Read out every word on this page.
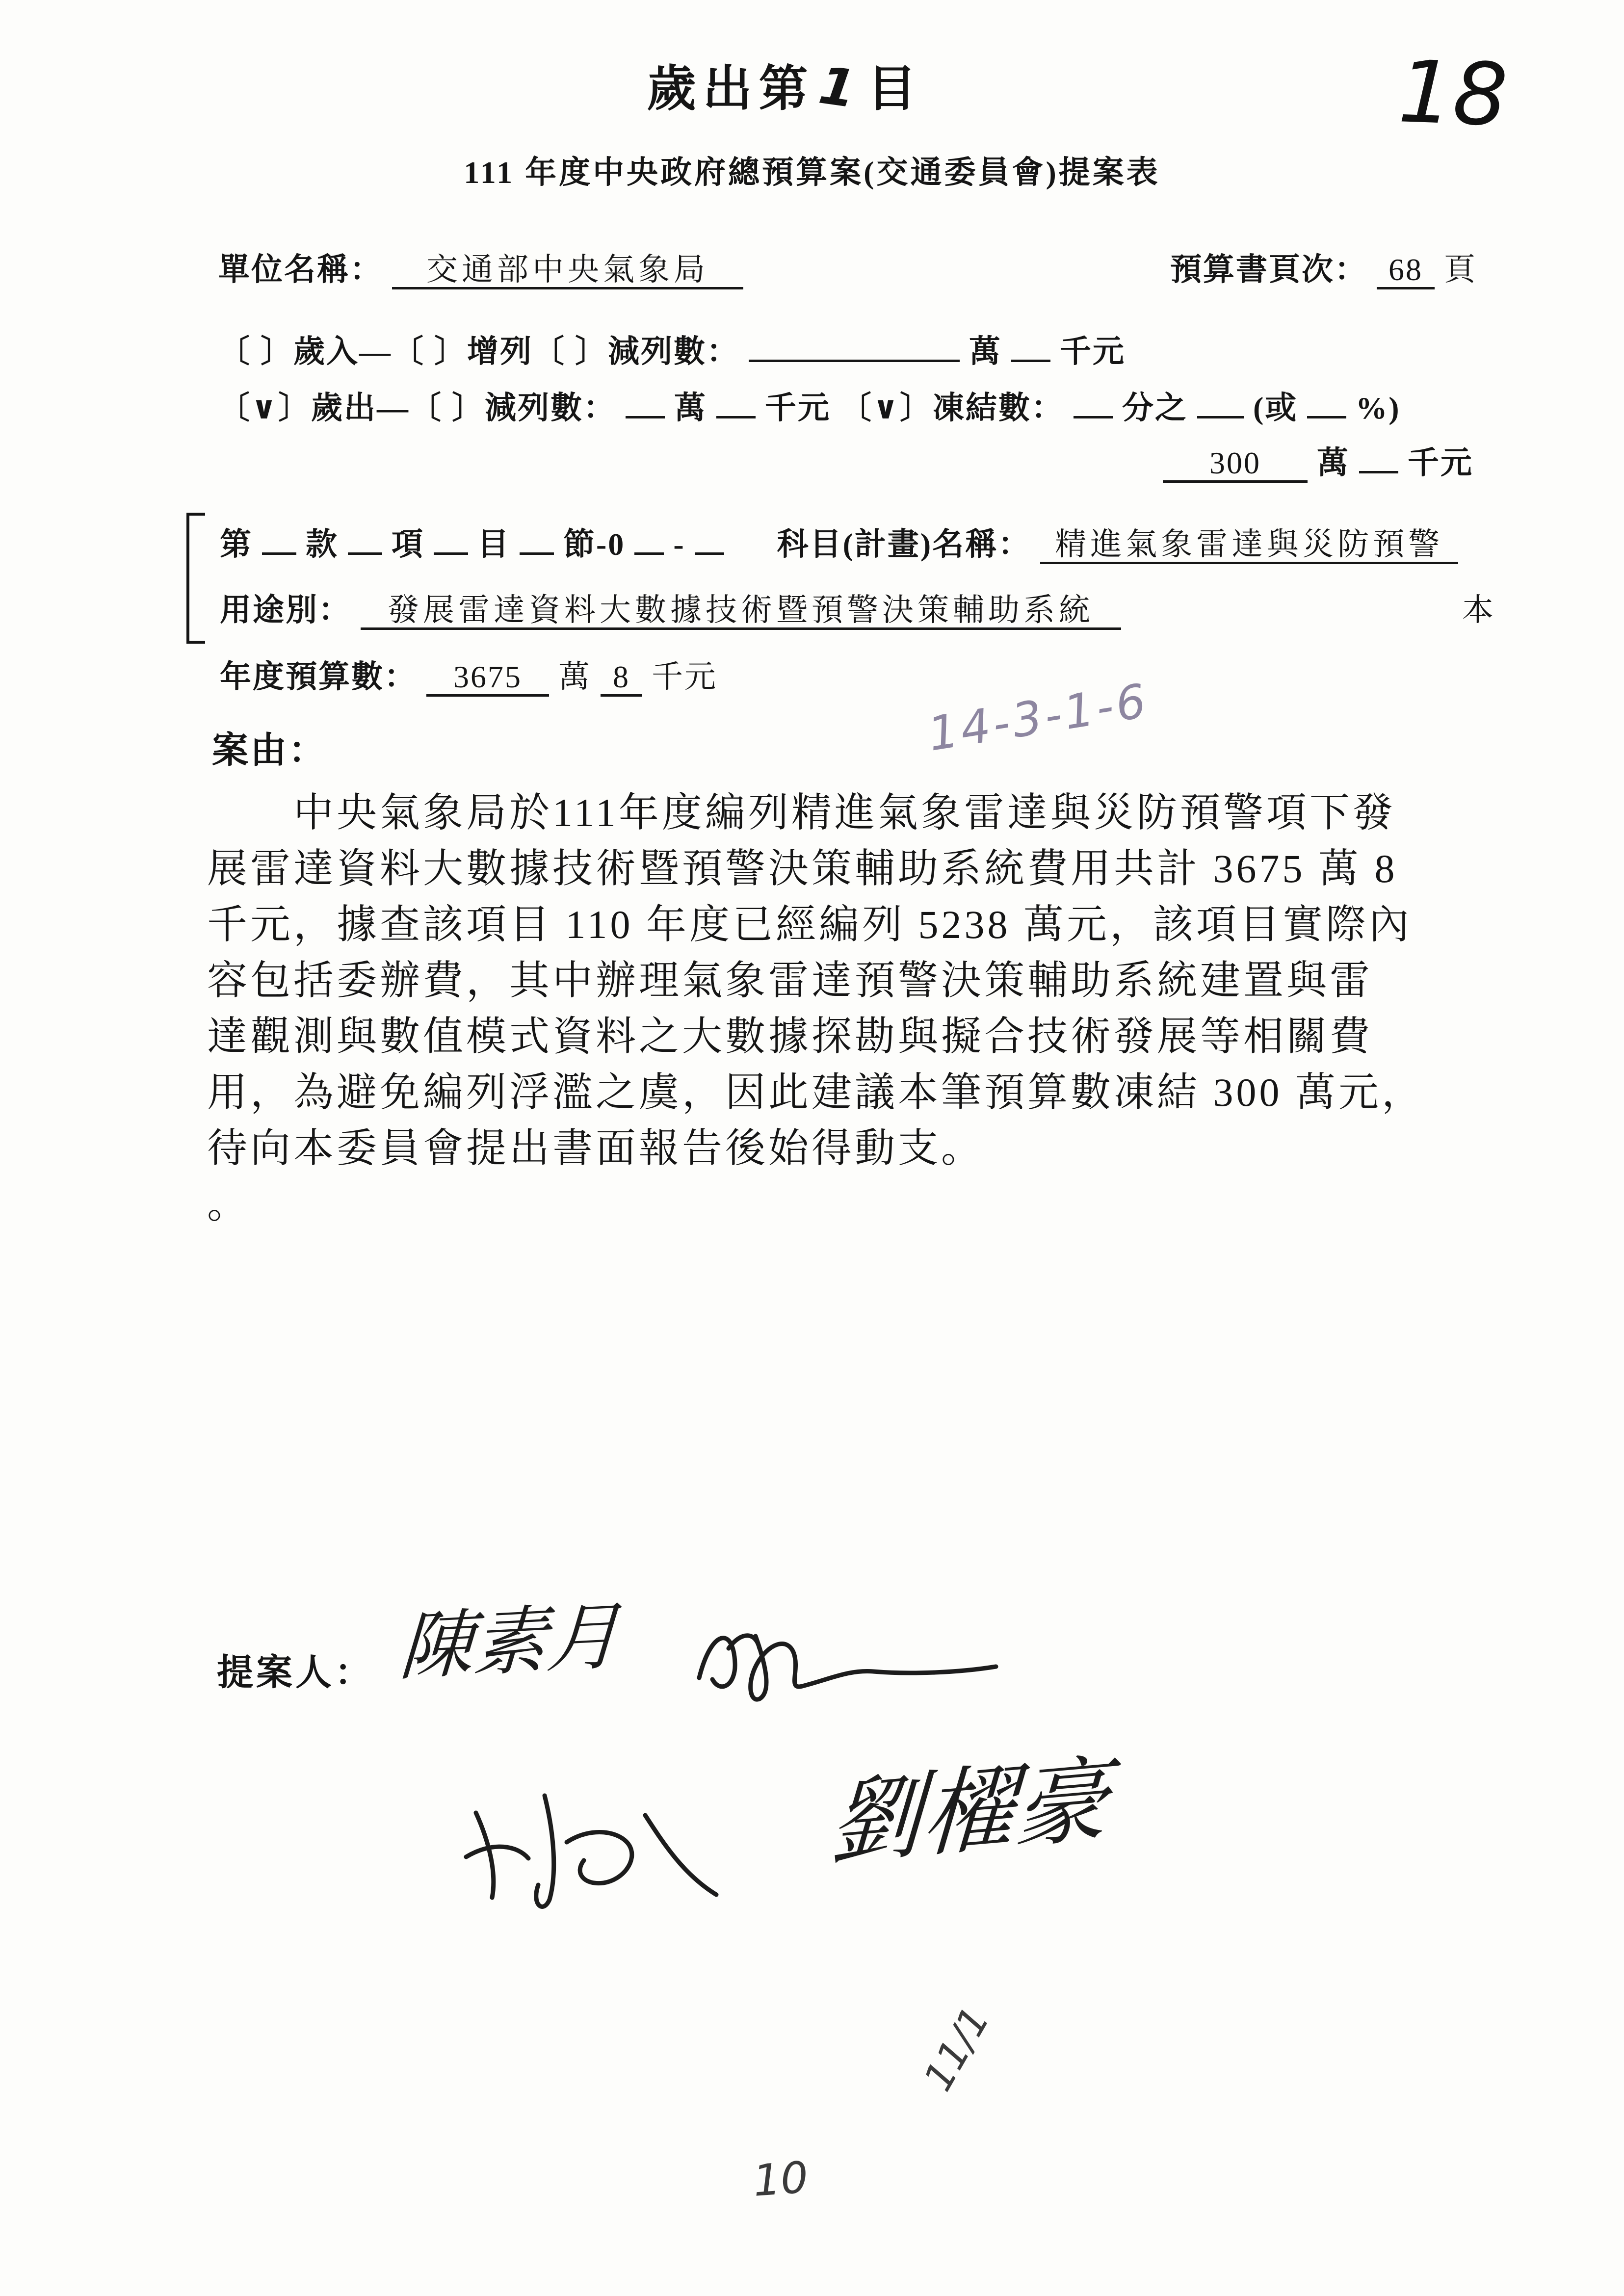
歲出第1目	18
111 年度中央政府總預算案(交通委員會)提案表
單位名稱： 交通部中央氣象局	預算書頁次： 68 頁
〔 〕歲入—〔 〕增列〔 〕減列數：	萬 千元
〔∨〕歲出—〔 〕減列數： 萬 千元 〔∨〕凍結數： 分之 (或 %)
300 萬 千元
第 款 項 目 節-0 -	科目(計畫)名稱： 精進氣象雷達與災防預警
用途別： 發展雷達資料大數據技術暨預警決策輔助系統	本
年度預算數： 3675 萬 8 千元
案由：	14-3-1-6
中央氣象局於111年度編列精進氣象雷達與災防預警項下發
展雷達資料大數據技術暨預警決策輔助系統費用共計 3675 萬 8
千元，據查該項目 110 年度已經編列 5238 萬元，該項目實際內
容包括委辦費，其中辦理氣象雷達預警決策輔助系統建置與雷
達觀測與數值模式資料之大數據探勘與擬合技術發展等相關費
用，為避免編列浮濫之虞，因此建議本筆預算數凍結 300 萬元，
待向本委員會提出書面報告後始得動支。
。
提案人： 陳素月
劉櫂豪
11/1
10
